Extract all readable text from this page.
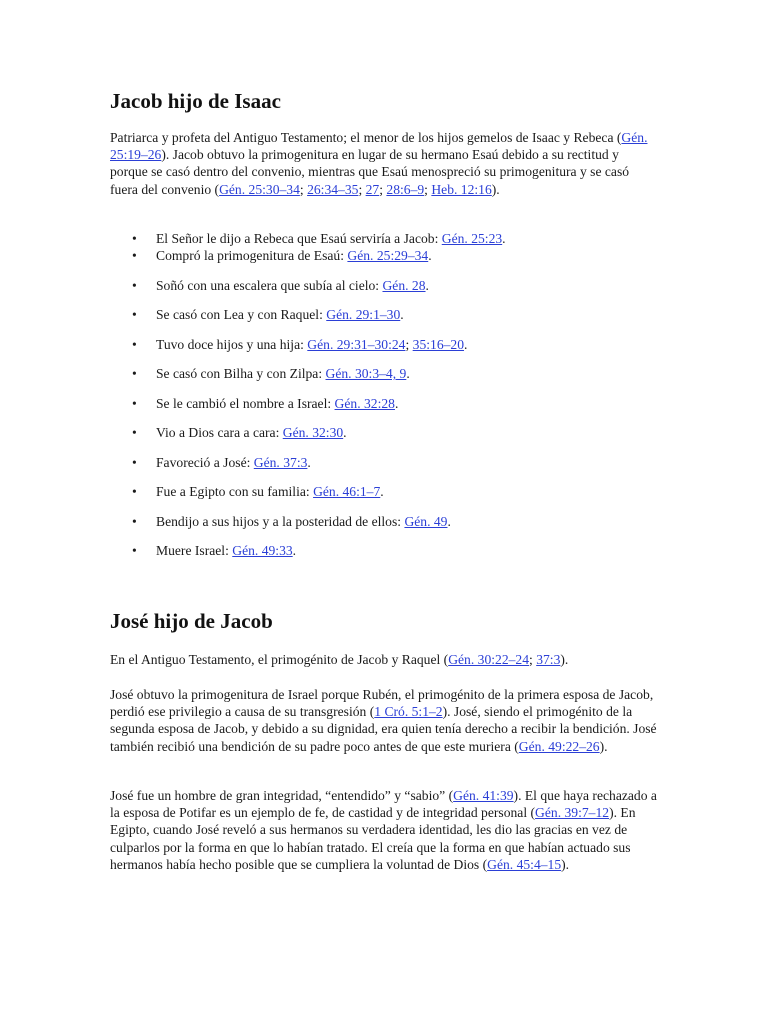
Jacob hijo de Isaac

Patriarca y profeta del Antiguo Testamento; el menor de los hijos gemelos de Isaac y Rebeca (Gén. 25:19–26). Jacob obtuvo la primogenitura en lugar de su hermano Esaú debido a su rectitud y porque se casó dentro del convenio, mientras que Esaú menospreció su primogenitura y se casó fuera del convenio (Gén. 25:30–34; 26:34–35; 27; 28:6–9; Heb. 12:16).

• El Señor le dijo a Rebeca que Esaú serviría a Jacob: Gén. 25:23.
• Compró la primogenitura de Esaú: Gén. 25:29–34.
• Soñó con una escalera que subía al cielo: Gén. 28.
• Se casó con Lea y con Raquel: Gén. 29:1–30.
• Tuvo doce hijos y una hija: Gén. 29:31–30:24; 35:16–20.
• Se casó con Bilha y con Zilpa: Gén. 30:3–4, 9.
• Se le cambió el nombre a Israel: Gén. 32:28.
• Vio a Dios cara a cara: Gén. 32:30.
• Favoreció a José: Gén. 37:3.
• Fue a Egipto con su familia: Gén. 46:1–7.
• Bendijo a sus hijos y a la posteridad de ellos: Gén. 49.
• Muere Israel: Gén. 49:33.
José hijo de Jacob

En el Antiguo Testamento, el primogénito de Jacob y Raquel (Gén. 30:22–24; 37:3).

José obtuvo la primogenitura de Israel porque Rubén, el primogénito de la primera esposa de Jacob, perdió ese privilegio a causa de su transgresión (1 Cró. 5:1–2). José, siendo el primogénito de la segunda esposa de Jacob, y debido a su dignidad, era quien tenía derecho a recibir la bendición. José también recibió una bendición de su padre poco antes de que este muriera (Gén. 49:22–26).

José fue un hombre de gran integridad, “entendido” y “sabio” (Gén. 41:39). El que haya rechazado a la esposa de Potifar es un ejemplo de fe, de castidad y de integridad personal (Gén. 39:7–12). En Egipto, cuando José reveló a sus hermanos su verdadera identidad, les dio las gracias en vez de culparlos por la forma en que lo habían tratado. El creía que la forma en que habían actuado sus hermanos había hecho posible que se cumpliera la voluntad de Dios (Gén. 45:4–15).
